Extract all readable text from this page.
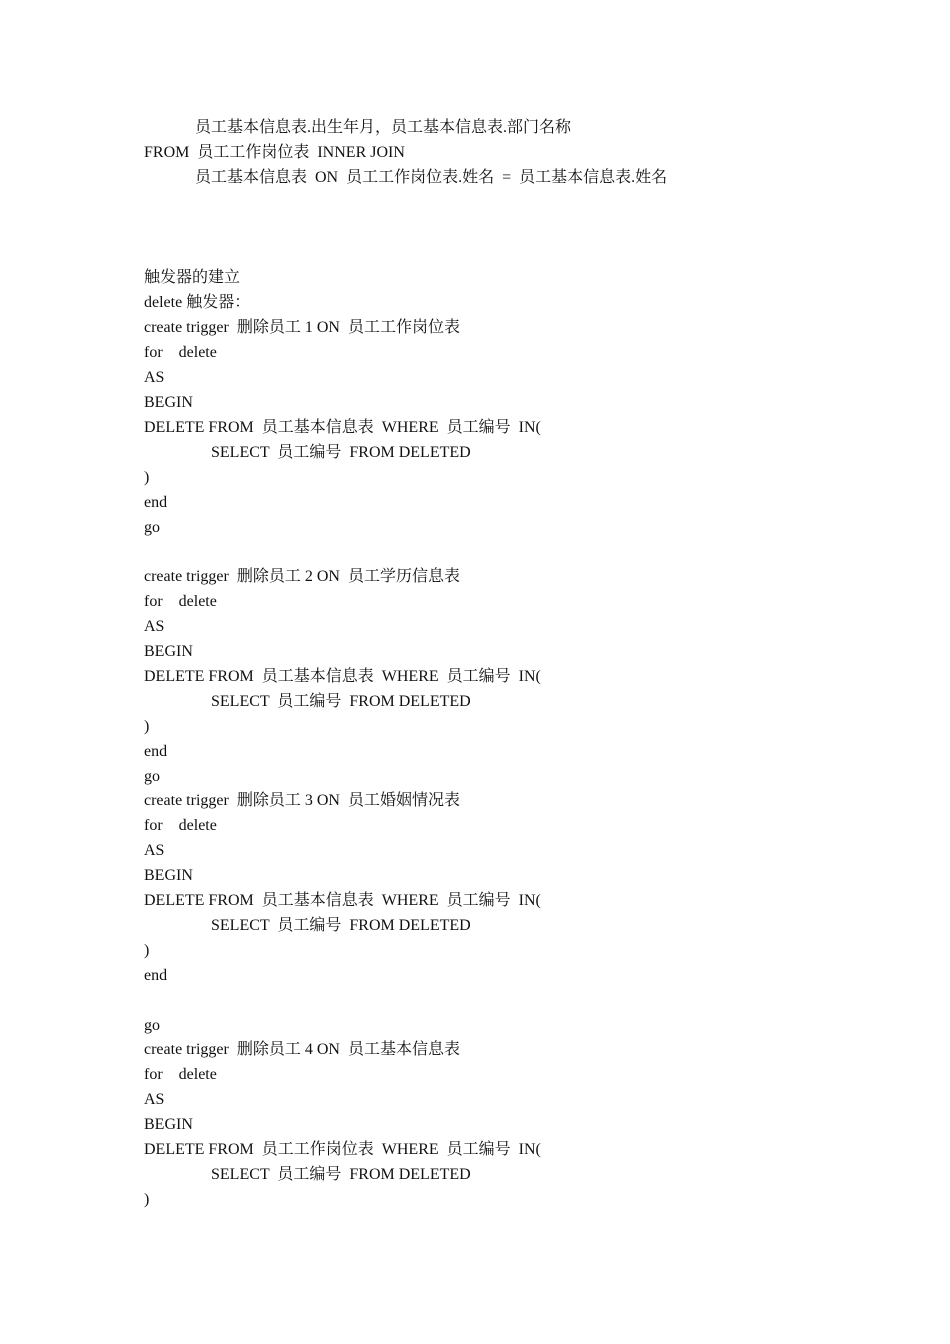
员工基本信息表.出生年月，员工基本信息表.部门名称
FROM  员工工作岗位表  INNER JOIN
员工基本信息表  ON  员工工作岗位表.姓名  =  员工基本信息表.姓名
触发器的建立
delete 触发器：
create trigger  删除员工 1 ON  员工工作岗位表
for    delete
AS
BEGIN
DELETE FROM  员工基本信息表  WHERE  员工编号  IN(
SELECT  员工编号  FROM DELETED
)
end
go
create trigger  删除员工 2 ON  员工学历信息表
for    delete
AS
BEGIN
DELETE FROM  员工基本信息表  WHERE  员工编号  IN(
SELECT  员工编号  FROM DELETED
)
end
go
create trigger  删除员工 3 ON  员工婚姻情况表
for    delete
AS
BEGIN
DELETE FROM  员工基本信息表  WHERE  员工编号  IN(
SELECT  员工编号  FROM DELETED
)
end
go
create trigger  删除员工 4 ON  员工基本信息表
for    delete
AS
BEGIN
DELETE FROM  员工工作岗位表  WHERE  员工编号  IN(
SELECT  员工编号  FROM DELETED
)
